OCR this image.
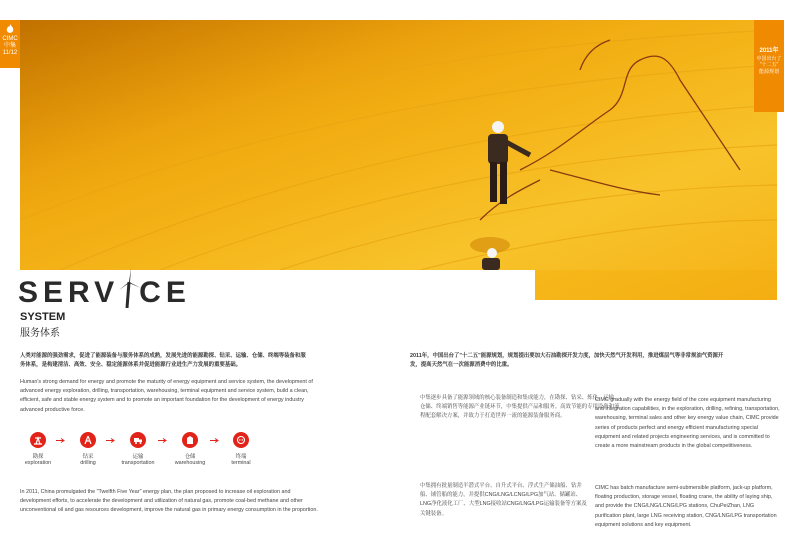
CIMC
中集
11/12	2011年
中国出台了
"十二五"
能源规划
SERV CE
SYSTEM
服务体系
人类对能源的强劲需求，促进了能源装备与服务体系的成熟，发展先进的能源勘探、钻采、运输、仓储、终端等装备和服务体系，是构建清洁、高效、安全、稳定能源体系并促进能源行业进生产力发展的重要基础。
Human's strong demand for energy and promote the maturity of energy equipment and service system, the development of advanced energy exploration, drilling, transportation, warehousing, terminal equipment and service system, build a clean, efficient, safe and stable energy system and to promote an important foundation for the development of energy industry advanced productive force.
勘探
exploration
钻采
drilling
运输
transportation
仓储
warehousing
终端
terminal
In 2011, China promulgated the "Twelfth Five Year" energy plan, the plan proposed to increase oil exploration and development efforts, to accelerate the development and utilization of natural gas, promote coal-bed methane and other unconventional oil and gas resources development, improve the natural gas in primary energy consumption in the proportion.
2011年，中国出台了"十二五"能源规划，规划提出要加大石油勘探开发力度，加快天然气开发利用，推进煤层气等非常规油气资源开发，提高天然气在一次能源消费中的比重。
中集逐步具备了能源领域的核心装备制造和集成能力，在勘探、钻采、炼化、运输、仓储、终端销售等能源产业链环节，中集提供产品和服务。高效节能的专用设备和流程配套解决方案，并致力于打造世界一流的能源装备服务商。
CIMC gradually with the energy field of the core equipment manufacturing and integration capabilities, in the exploration, drilling, refining, transportation, warehousing, terminal sales and other key energy value chain, CIMC provide series of products perfect and energy efficient manufacturing special equipment and related projects engineering services, and is committed to create a more mainstream products in the global competitiveness.
中集拥有批量制造半潜式平台、自升式平台、浮式生产储油船、钻井船、铺管船的能力，并提供CNG/LNG/LCNG/LPG加气站、储罐站、LNG净化液化工厂、大型LNG接收站CNG/LNG/LPG运输装备等方案及关键装备。
CIMC has batch manufacture semi-submersible platform, jack-up platform, floating production, storage vessel, floating crane, the ability of laying ship, and provide the CNG/LNG/LCNG/LPG stations, ChuPeiZhan, LNG purification plant, large LNG receiving station, CNG/LNG/LPG transportation equipment solutions and key equipment.
